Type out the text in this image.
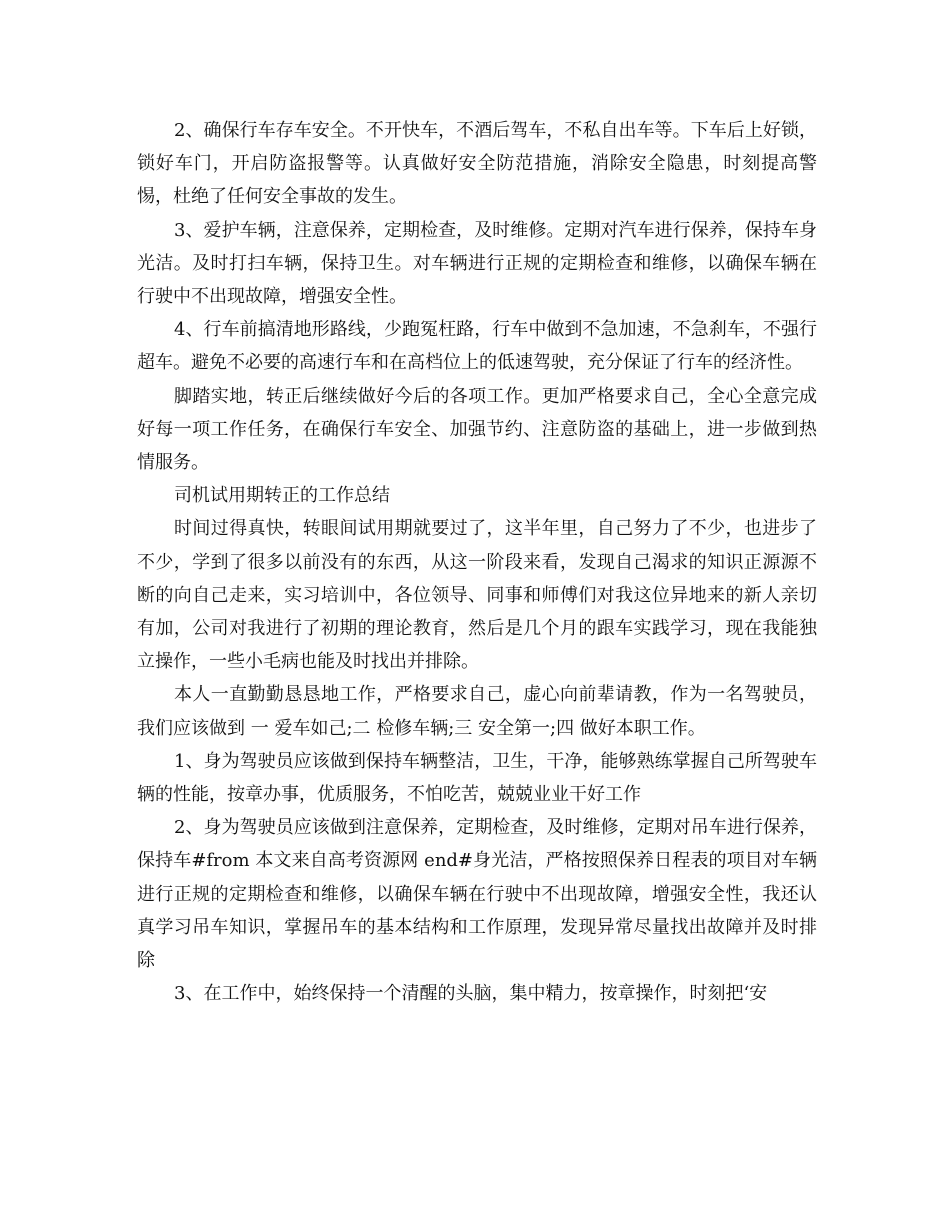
2、确保行车存车安全。不开快车，不酒后驾车，不私自出车等。下车后上好锁，锁好车门，开启防盗报警等。认真做好安全防范措施，消除安全隐患，时刻提高警惕，杜绝了任何安全事故的发生。

3、爱护车辆，注意保养，定期检查，及时维修。定期对汽车进行保养，保持车身光洁。及时打扫车辆，保持卫生。对车辆进行正规的定期检查和维修，以确保车辆在行驶中不出现故障，增强安全性。

4、行车前搞清地形路线，少跑冤枉路，行车中做到不急加速，不急刹车，不强行超车。避免不必要的高速行车和在高档位上的低速驾驶，充分保证了行车的经济性。

脚踏实地，转正后继续做好今后的各项工作。更加严格要求自己，全心全意完成好每一项工作任务，在确保行车安全、加强节约、注意防盗的基础上，进一步做到热情服务。

司机试用期转正的工作总结

时间过得真快，转眼间试用期就要过了，这半年里，自己努力了不少，也进步了不少，学到了很多以前没有的东西，从这一阶段来看，发现自己渴求的知识正源源不断的向自己走来，实习培训中，各位领导、同事和师傅们对我这位异地来的新人亲切有加，公司对我进行了初期的理论教育，然后是几个月的跟车实践学习，现在我能独立操作，一些小毛病也能及时找出并排除。

本人一直勤勤恳恳地工作，严格要求自己，虚心向前辈请教，作为一名驾驶员，我们应该做到 一 爱车如己;二 检修车辆;三 安全第一;四 做好本职工作。

1、身为驾驶员应该做到保持车辆整洁，卫生，干净，能够熟练掌握自己所驾驶车辆的性能，按章办事，优质服务，不怕吃苦，兢兢业业干好工作

2、身为驾驶员应该做到注意保养，定期检查，及时维修，定期对吊车进行保养，保持车#from 本文来自高考资源网 end#身光洁，严格按照保养日程表的项目对车辆进行正规的定期检查和维修，以确保车辆在行驶中不出现故障，增强安全性，我还认真学习吊车知识，掌握吊车的基本结构和工作原理，发现异常尽量找出故障并及时排除

3、在工作中，始终保持一个清醒的头脑，集中精力，按章操作，时刻把‘安
